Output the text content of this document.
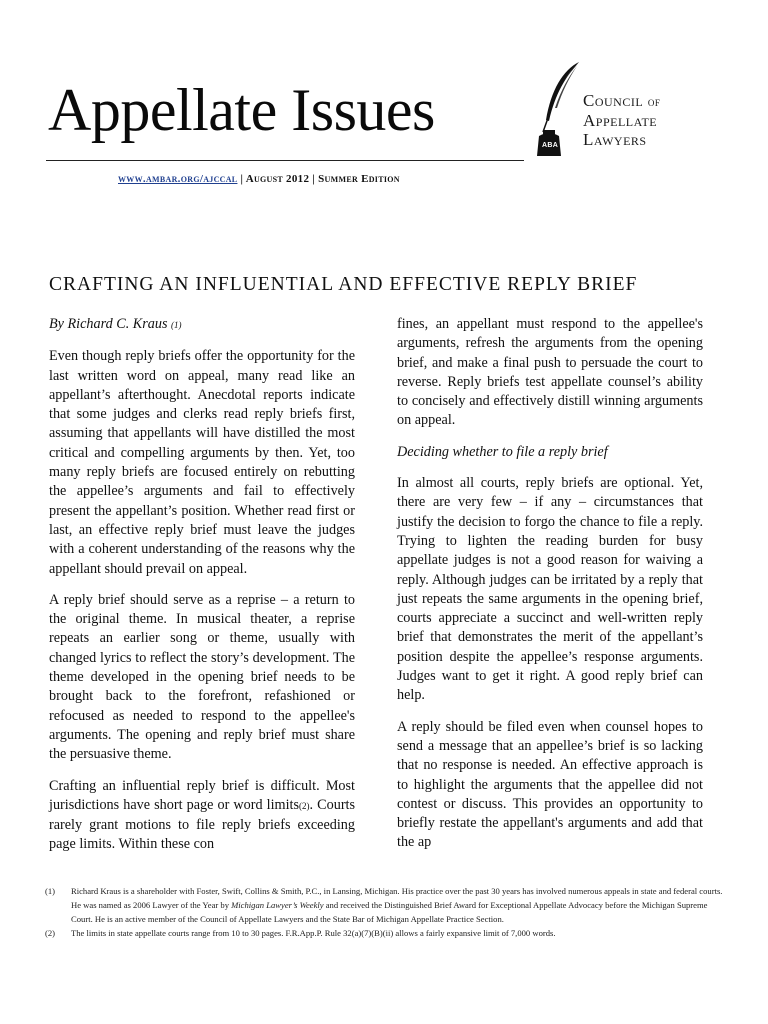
Appellate Issues
ABA
Council of
Appellate
Lawyers
www.ambar.org/ajccal | August 2012 | Summer Edition
CRAFTING AN INFLUENTIAL AND EFFECTIVE REPLY BRIEF

By Richard C. Kraus (1)

Even though reply briefs offer the opportunity for the last written word on appeal, many read like an appellant’s afterthought. Anecdotal reports indicate that some judges and clerks read reply briefs first, assuming that appellants will have distilled the most critical and compelling arguments by then. Yet, too many reply briefs are focused entirely on rebutting the appellee’s arguments and fail to effectively present the appellant’s position. Whether read first or last, an effective reply brief must leave the judges with a coherent understanding of the reasons why the appellant should prevail on appeal.

A reply brief should serve as a reprise – a return to the original theme. In musical theater, a reprise repeats an earlier song or theme, usually with changed lyrics to reflect the story’s development. The theme developed in the opening brief needs to be brought back to the forefront, refashioned or refocused as needed to respond to the appellee's arguments. The opening and reply brief must share the persuasive theme.

Crafting an influential reply brief is difficult. Most jurisdictions have short page or word limits(2). Courts rarely grant motions to file reply briefs exceeding page limits. Within these con

fines, an appellant must respond to the appellee's arguments, refresh the arguments from the opening brief, and make a final push to persuade the court to reverse. Reply briefs test appellate counsel’s ability to concisely and effectively distill winning arguments on appeal.

Deciding whether to file a reply brief

In almost all courts, reply briefs are optional. Yet, there are very few – if any – circumstances that justify the decision to forgo the chance to file a reply. Trying to lighten the reading burden for busy appellate judges is not a good reason for waiving a reply. Although judges can be irritated by a reply that just repeats the same arguments in the opening brief, courts appreciate a succinct and well-written reply brief that demonstrates the merit of the appellant’s position despite the appellee’s response arguments. Judges want to get it right. A good reply brief can help.

A reply should be filed even when counsel hopes to send a message that an appellee’s brief is so lacking that no response is needed. An effective approach is to highlight the arguments that the appellee did not contest or discuss. This provides an opportunity to briefly restate the appellant's arguments and add that the ap

(1)	Richard Kraus is a shareholder with Foster, Swift, Collins & Smith, P.C., in Lansing, Michigan. His practice over the past 30 years has involved numerous appeals in state and federal courts. He was named as 2006 Lawyer of the Year by Michigan Lawyer’s Weekly and received the Distinguished Brief Award for Exceptional Appellate Advocacy before the Michigan Supreme Court. He is an active member of the Council of Appellate Lawyers and the State Bar of Michigan Appellate Practice Section.
(2)	The limits in state appellate courts range from 10 to 30 pages. F.R.App.P. Rule 32(a)(7)(B)(ii) allows a fairly expansive limit of 7,000 words.
